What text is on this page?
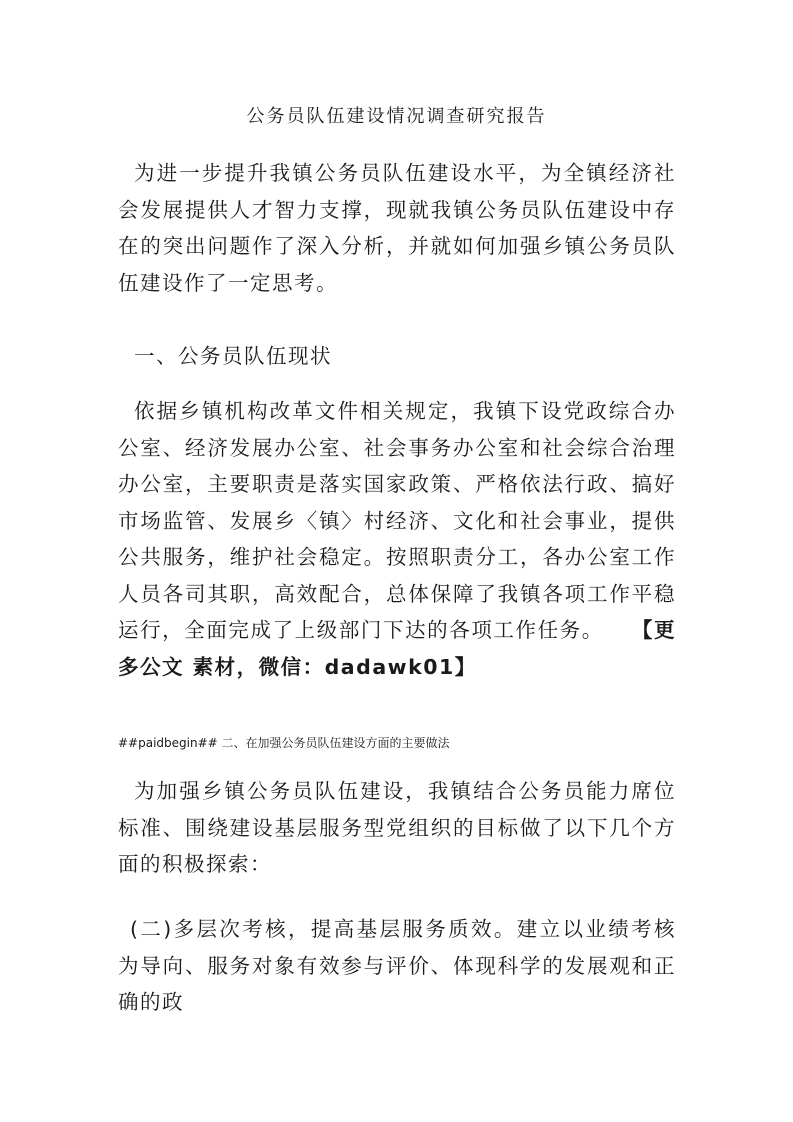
公务员队伍建设情况调查研究报告

为进一步提升我镇公务员队伍建设水平，为全镇经济社会发展提供人才智力支撑，现就我镇公务员队伍建设中存在的突出问题作了深入分析，并就如何加强乡镇公务员队伍建设作了一定思考。

一、公务员队伍现状

依据乡镇机构改革文件相关规定，我镇下设党政综合办公室、经济发展办公室、社会事务办公室和社会综合治理办公室，主要职责是落实国家政策、严格依法行政、搞好市场监管、发展乡〈镇〉村经济、文化和社会事业，提供公共服务，维护社会稳定。按照职责分工，各办公室工作人员各司其职，高效配合，总体保障了我镇各项工作平稳运行，全面完成了上级部门下达的各项工作任务。 【更多公文 素材，微信：dadawk01】

##paidbegin## 二、在加强公务员队伍建设方面的主要做法

为加强乡镇公务员队伍建设，我镇结合公务员能力席位标准、围绕建设基层服务型党组织的目标做了以下几个方面的积极探索：

(二)多层次考核，提高基层服务质效。建立以业绩考核为导向、服务对象有效参与评价、体现科学的发展观和正确的政
